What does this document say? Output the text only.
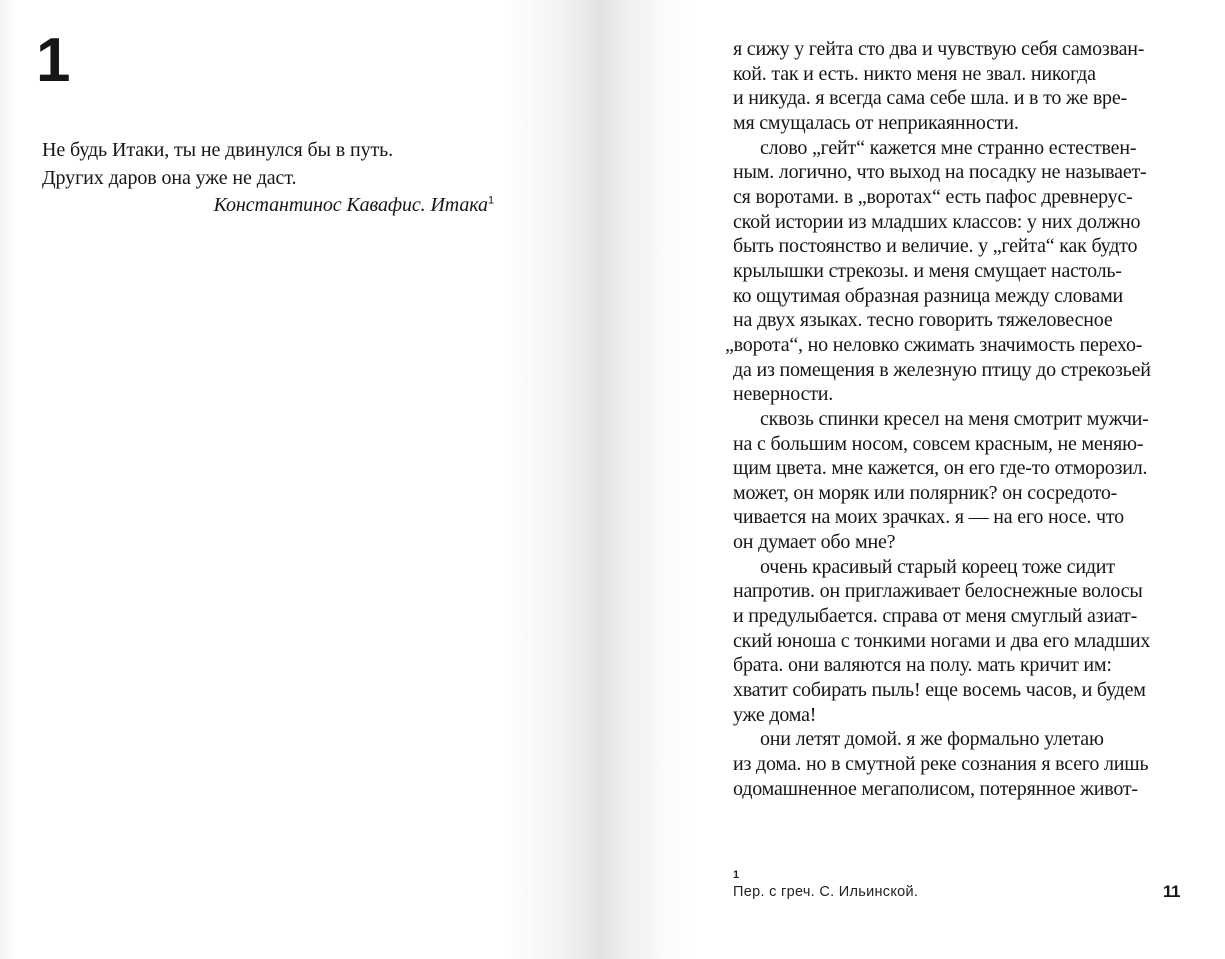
1
Не будь Итаки, ты не двинулся бы в путь.
Других даров она уже не даст.
Константинос Кавафис. Итака$^1$
я сижу у гейта сто два и чувствую себя самозван-
кой. так и есть. никто меня не звал. никогда
и никуда. я всегда сама себе шла. и в то же вре-
мя смущалась от неприкаянности.
слово „гейт“ кажется мне странно естествен-
ным. логично, что выход на посадку не называет-
ся воротами. в „воротах“ есть пафос древнерус-
ской истории из младших классов: у них должно
быть постоянство и величие. у „гейта“ как будто
крылышки стрекозы. и меня смущает настоль-
ко ощутимая образная разница между словами
на двух языках. тесно говорить тяжеловесное
„ворота“, но неловко сжимать значимость перехо-
да из помещения в железную птицу до стрекозьей
неверности.
сквозь спинки кресел на меня смотрит мужчи-
на с большим носом, совсем красным, не меняю-
щим цвета. мне кажется, он его где-то отморозил.
может, он моряк или полярник? он сосредото-
чивается на моих зрачках. я — на его носе. что
он думает обо мне?
очень красивый старый кореец тоже сидит
напротив. он приглаживает белоснежные волосы
и предулыбается. справа от меня смуглый азиат-
ский юноша с тонкими ногами и два его младших
брата. они валяются на полу. мать кричит им:
хватит собирать пыль! еще восемь часов, и будем
уже дома!
они летят домой. я же формально улетаю
из дома. но в смутной реке сознания я всего лишь
одомашненное мегаполисом, потерянное живот-
1
Пер. с греч. С. Ильинской.	11
